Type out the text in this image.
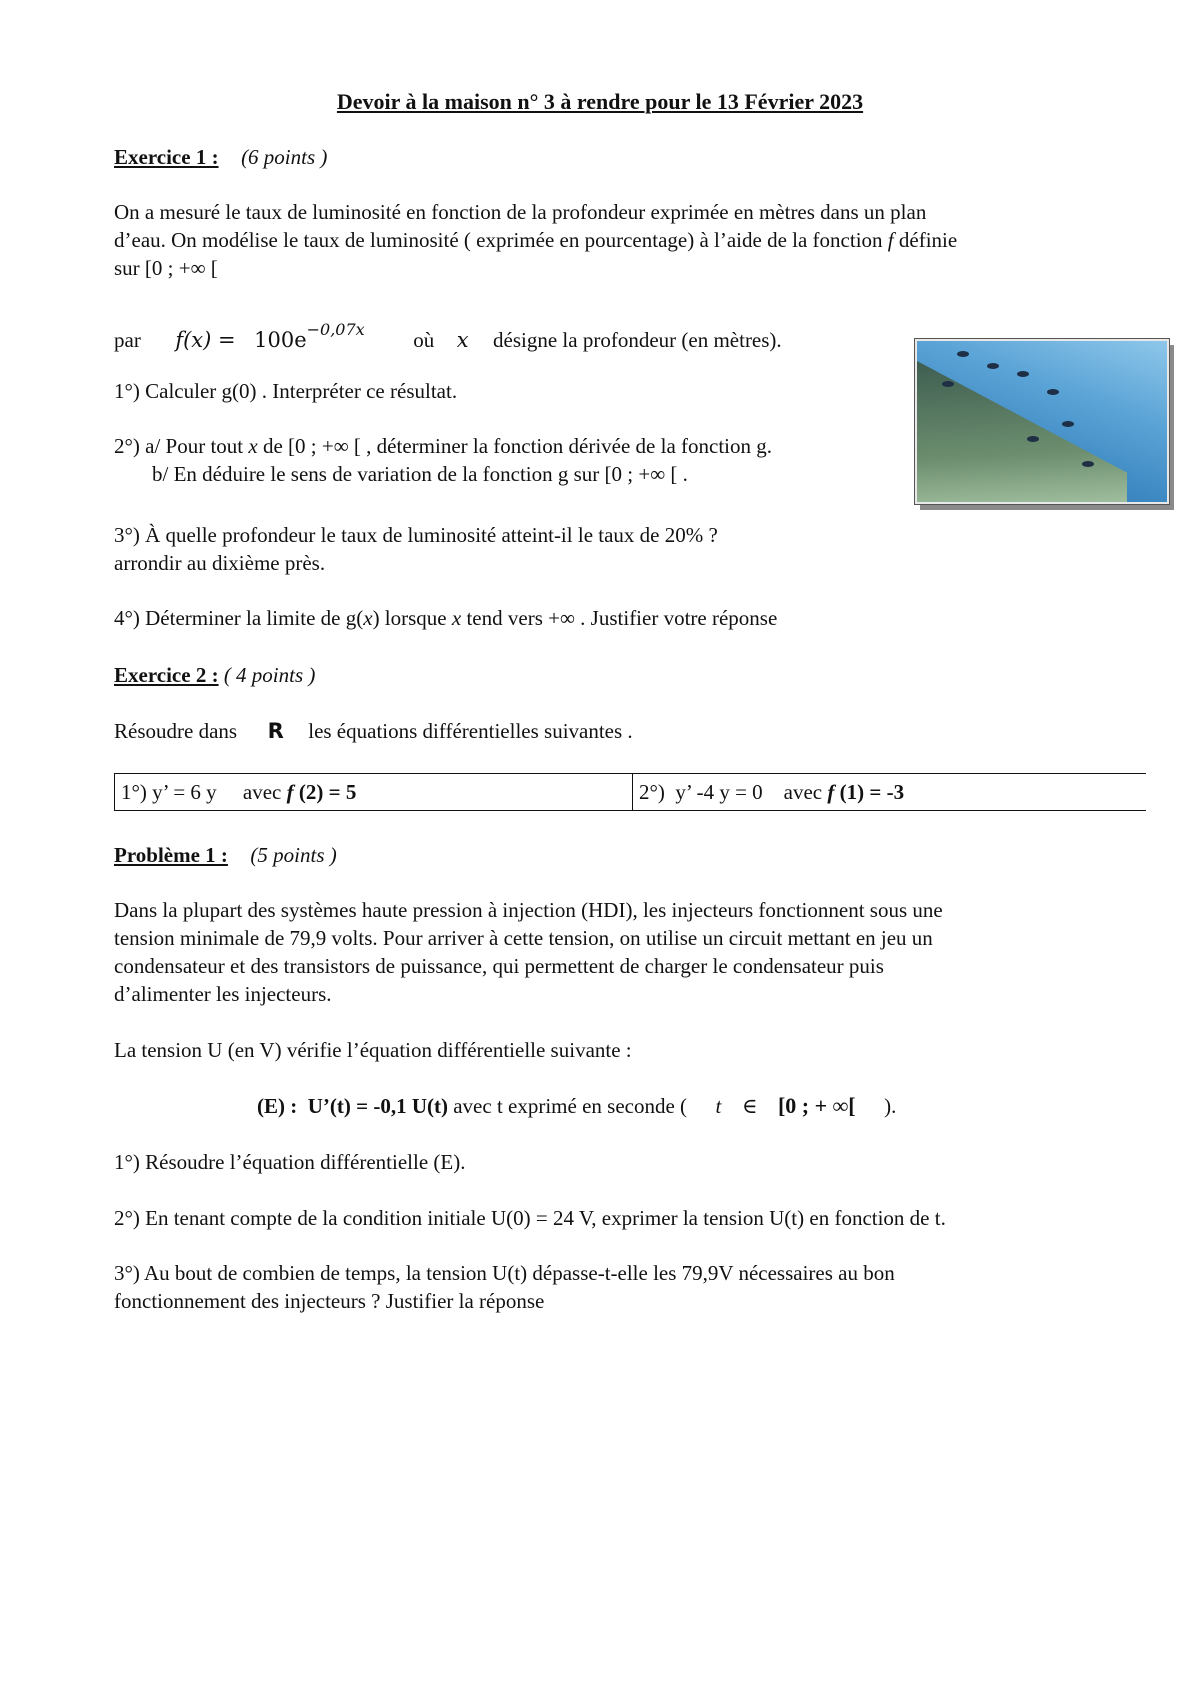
Devoir à la maison n° 3 à rendre pour le 13 Février 2023
Exercice 1 : (6 points )
On a mesuré le taux de luminosité en fonction de la profondeur exprimée en mètres dans un plan
d’eau. On modélise le taux de luminosité ( exprimée en pourcentage) à l’aide de la fonction f définie
sur [0 ; +∞ [
par $f(x) = 100e^{-0,07x}$ où x désigne la profondeur (en mètres).
1°) Calculer g(0) . Interpréter ce résultat.
2°) a/ Pour tout x de [0 ; +∞ [ , déterminer la fonction dérivée de la fonction g.
b/ En déduire le sens de variation de la fonction g sur [0 ; +∞ [ .
3°) À quelle profondeur le taux de luminosité atteint-il le taux de 20% ?
arrondir au dixième près.
4°) Déterminer la limite de g(x) lorsque x tend vers +∞ . Justifier votre réponse
Exercice 2 : ( 4 points )
Résoudre dans R les équations différentielles suivantes .
1°) y’ = 6 y     avec f (2) = 5	2°)  y’ -4 y = 0    avec f (1) = -3
Problème 1 : (5 points )
Dans la plupart des systèmes haute pression à injection (HDI), les injecteurs fonctionnent sous une
tension minimale de 79,9 volts. Pour arriver à cette tension, on utilise un circuit mettant en jeu un
condensateur et des transistors de puissance, qui permettent de charger le condensateur puis
d’alimenter les injecteurs.
La tension U (en V) vérifie l’équation différentielle suivante :
(E) :  U’(t) = -0,1 U(t) avec t exprimé en seconde ( t ∈ [0 ; + ∞[ ).
1°) Résoudre l’équation différentielle (E).
2°) En tenant compte de la condition initiale U(0) = 24 V, exprimer la tension U(t) en fonction de t.
3°) Au bout de combien de temps, la tension U(t) dépasse-t-elle les 79,9V nécessaires au bon
fonctionnement des injecteurs ? Justifier la réponse
